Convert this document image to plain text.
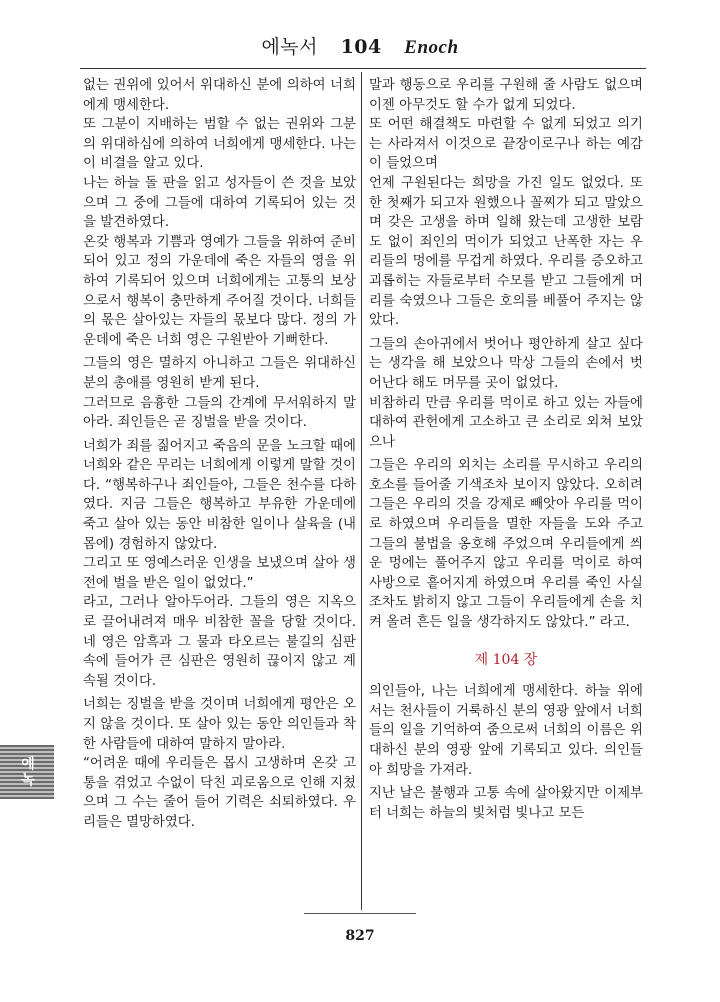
에녹서 104 Enoch

없는 권위에 있어서 위대하신 분에 의하여 너희에게 맹세한다.

또 그분이 지배하는 범할 수 없는 권위와 그분의 위대하심에 의하여 너희에게 맹세한다. 나는 이 비결을 알고 있다.

나는 하늘 돌 판을 읽고 성자들이 쓴 것을 보았으며 그 중에 그들에 대하여 기록되어 있는 것을 발견하였다.

온갖 행복과 기쁨과 영예가 그들을 위하여 준비되어 있고 정의 가운데에 죽은 자들의 영을 위하여 기록되어 있으며 너희에게는 고통의 보상으로서 행복이 충만하게 주어질 것이다. 너희들의 몫은 살아있는 자들의 몫보다 많다. 정의 가운데에 죽은 너희 영은 구원받아 기뻐한다.

그들의 영은 멸하지 아니하고 그들은 위대하신 분의 총애를 영원히 받게 된다.

그러므로 음흉한 그들의 간계에 무서워하지 말아라. 죄인들은 곧 징벌을 받을 것이다.

너희가 죄를 짊어지고 죽음의 문을 노크할 때에 너희와 같은 무리는 너희에게 이렇게 말할 것이다. “행복하구나 죄인들아, 그들은 천수를 다하였다. 지금 그들은 행복하고 부유한 가운데에 죽고 살아 있는 동안 비참한 일이나 살육을 (내 몸에) 경험하지 않았다.

그리고 또 영예스러운 인생을 보냈으며 살아 생전에 벌을 받은 일이 없었다.”

라고, 그러나 알아두어라. 그들의 영은 지옥으로 끌어내려져 매우 비참한 꼴을 당할 것이다. 네 영은 암흑과 그 물과 타오르는 불길의 심판 속에 들어가 큰 심판은 영원히 끊이지 않고 계속될 것이다.

너희는 징벌을 받을 것이며 너희에게 평안은 오지 않을 것이다. 또 살아 있는 동안 의인들과 착한 사람들에 대하여 말하지 말아라.

“어려운 때에 우리들은 몹시 고생하며 온갖 고통을 겪었고 수없이 닥친 괴로움으로 인해 지쳤으며 그 수는 줄어 들어 기력은 쇠퇴하였다. 우리들은 멸망하였다.

말과 행동으로 우리를 구원해 줄 사람도 없으며 이젠 아무것도 할 수가 없게 되었다.

또 어떤 해결책도 마련할 수 없게 되었고 의기는 사라져서 이것으로 끝장이로구나 하는 예감이 들었으며

언제 구원된다는 희망을 가진 일도 없었다. 또한 첫째가 되고자 원했으나 꼴찌가 되고 말았으며 갖은 고생을 하며 일해 왔는데 고생한 보람도 없이 죄인의 먹이가 되었고 난폭한 자는 우리들의 멍에를 무겁게 하였다. 우리를 증오하고 괴롭히는 자들로부터 수모를 받고 그들에게 머리를 숙였으나 그들은 호의를 베풀어 주지는 않았다.

그들의 손아귀에서 벗어나 평안하게 살고 싶다는 생각을 해 보았으나 막상 그들의 손에서 벗어난다 해도 머무를 곳이 없었다.

비참하리 만큼 우리를 먹이로 하고 있는 자들에 대하여 관헌에게 고소하고 큰 소리로 외쳐 보았으나

그들은 우리의 외치는 소리를 무시하고 우리의 호소를 들어줄 기색조차 보이지 않았다. 오히려 그들은 우리의 것을 강제로 빼앗아 우리를 먹이로 하였으며 우리들을 멸한 자들을 도와 주고 그들의 불법을 옹호해 주었으며 우리들에게 씌운 멍에는 풀어주지 않고 우리를 먹이로 하여 사방으로 흩어지게 하였으며 우리를 죽인 사실조차도 밝히지 않고 그들이 우리들에게 손을 치켜 올려 흔든 일을 생각하지도 않았다.” 라고.

제 104 장

의인들아, 나는 너희에게 맹세한다. 하늘 위에서는 천사들이 거룩하신 분의 영광 앞에서 너희들의 일을 기억하여 줌으로써 너희의 이름은 위대하신 분의 영광 앞에 기록되고 있다. 의인들아 희망을 가져라.

지난 날은 불행과 고통 속에 살아왔지만 이제부터 너희는 하늘의 빛처럼 빛나고 모든

에녹
827
